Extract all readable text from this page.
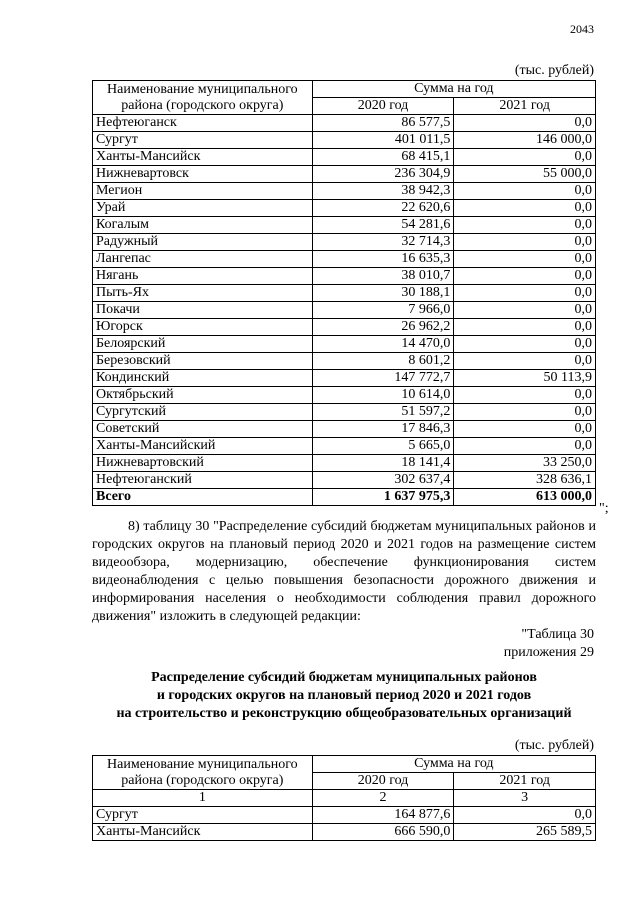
2043
(тыс. рублей)
Наименование муниципального района (городского округа)	Сумма на год	
	2020 год	2021 год
Нефтеюганск	86 577,5	0,0
Сургут	401 011,5	146 000,0
Ханты-Мансийск	68 415,1	0,0
Нижневартовск	236 304,9	55 000,0
Мегион	38 942,3	0,0
Урай	22 620,6	0,0
Когалым	54 281,6	0,0
Радужный	32 714,3	0,0
Лангепас	16 635,3	0,0
Нягань	38 010,7	0,0
Пыть-Ях	30 188,1	0,0
Покачи	7 966,0	0,0
Югорск	26 962,2	0,0
Белоярский	14 470,0	0,0
Березовский	8 601,2	0,0
Кондинский	147 772,7	50 113,9
Октябрьский	10 614,0	0,0
Сургутский	51 597,2	0,0
Советский	17 846,3	0,0
Ханты-Мансийский	5 665,0	0,0
Нижневартовский	18 141,4	33 250,0
Нефтеюганский	302 637,4	328 636,1
Всего	1 637 975,3	613 000,0
";

8) таблицу 30 "Распределение субсидий бюджетам муниципальных районов и городских округов на плановый период 2020 и 2021 годов на размещение систем видеообзора, модернизацию, обеспечение функционирования систем видеонаблюдения с целью повышения безопасности дорожного движения и информирования населения о необходимости соблюдения правил дорожного движения" изложить в следующей редакции:

"Таблица 30
приложения 29
Распределение субсидий бюджетам муниципальных районов
и городских округов на плановый период 2020 и 2021 годов
на строительство и реконструкцию общеобразовательных организаций
(тыс. рублей)
Наименование муниципального района (городского округа)	Сумма на год	
	2020 год	2021 год
1	2	3
Сургут	164 877,6	0,0
Ханты-Мансийск	666 590,0	265 589,5
